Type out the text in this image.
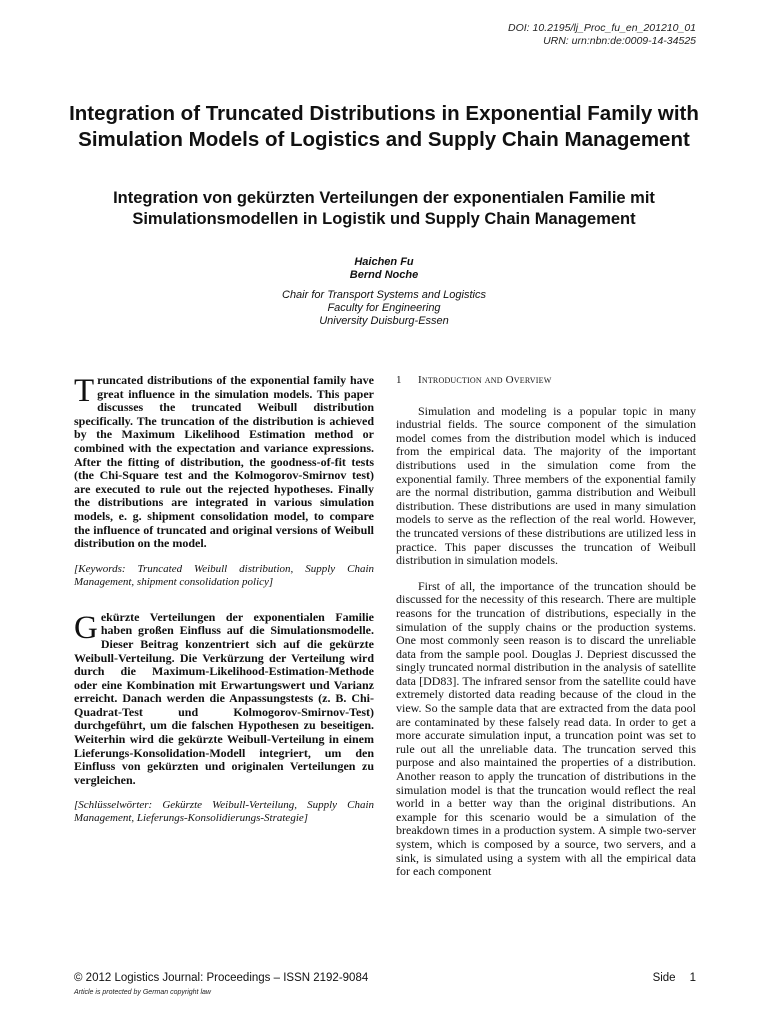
DOI: 10.2195/lj_Proc_fu_en_201210_01
URN: urn:nbn:de:0009-14-34525
Integration of Truncated Distributions in Exponential Family with Simulation Models of Logistics and Supply Chain Management
Integration von gekürzten Verteilungen der exponentialen Familie mit Simulationsmodellen in Logistik und Supply Chain Management
Haichen Fu
Bernd Noche
Chair for Transport Systems and Logistics
Faculty for Engineering
University Duisburg-Essen

Truncated distributions of the exponential family have great influence in the simulation models. This paper discusses the truncated Weibull distribution specifically. The truncation of the distribution is achieved by the Maximum Likelihood Estimation method or combined with the expectation and variance expressions. After the fitting of distribution, the goodness-of-fit tests (the Chi-Square test and the Kolmogorov-Smirnov test) are executed to rule out the rejected hypotheses. Finally the distributions are integrated in various simulation models, e. g. shipment consolidation model, to compare the influence of truncated and original versions of Weibull distribution on the model.

[Keywords: Truncated Weibull distribution, Supply Chain Management, shipment consolidation policy]

Gekürzte Verteilungen der exponentialen Familie haben großen Einfluss auf die Simulationsmodelle. Dieser Beitrag konzentriert sich auf die gekürzte Weibull-Verteilung. Die Verkürzung der Verteilung wird durch die Maximum-Likelihood-Estimation-Methode oder eine Kombination mit Erwartungswert und Varianz erreicht. Danach werden die Anpassungstests (z. B. Chi-Quadrat-Test und Kolmogorov-Smirnov-Test) durchgeführt, um die falschen Hypothesen zu beseitigen. Weiterhin wird die gekürzte Weibull-Verteilung in einem Lieferungs-Konsolidation-Modell integriert, um den Einfluss von gekürzten und originalen Verteilungen zu vergleichen.

[Schlüsselwörter: Gekürzte Weibull-Verteilung, Supply Chain Management, Lieferungs-Konsolidierungs-Strategie]

1 Introduction and Overview

Simulation and modeling is a popular topic in many industrial fields. The source component of the simulation model comes from the distribution model which is induced from the empirical data. The majority of the important distributions used in the simulation come from the exponential family. Three members of the exponential family are the normal distribution, gamma distribution and Weibull distribution. These distributions are used in many simulation models to serve as the reflection of the real world. However, the truncated versions of these distributions are utilized less in practice. This paper discusses the truncation of Weibull distribution in simulation models.

First of all, the importance of the truncation should be discussed for the necessity of this research. There are multiple reasons for the truncation of distributions, especially in the simulation of the supply chains or the production systems. One most commonly seen reason is to discard the unreliable data from the sample pool. Douglas J. Depriest discussed the singly truncated normal distribution in the analysis of satellite data [DD83]. The infrared sensor from the satellite could have extremely distorted data reading because of the cloud in the view. So the sample data that are extracted from the data pool are contaminated by these falsely read data. In order to get a more accurate simulation input, a truncation point was set to rule out all the unreliable data. The truncation served this purpose and also maintained the properties of a distribution. Another reason to apply the truncation of distributions in the simulation model is that the truncation would reflect the real world in a better way than the original distributions. An example for this scenario would be a simulation of the breakdown times in a production system. A simple two-server system, which is composed by a source, two servers, and a sink, is simulated using a system with all the empirical data for each component

© 2012 Logistics Journal: Proceedings – ISSN 2192-9084	Side 1
Article is protected by German copyright law
